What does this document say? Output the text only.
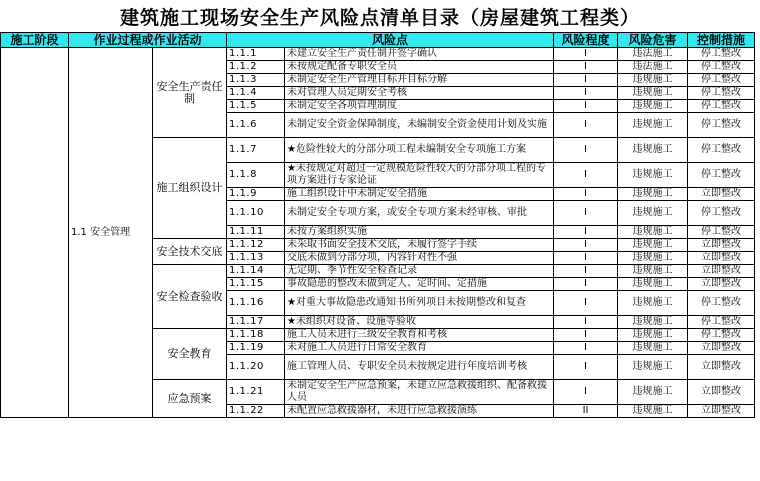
建筑施工现场安全生产风险点清单目录（房屋建筑工程类）
施工阶段	作业过程或作业活动		风险点		风险程度	风险危害	控制措施
	1.1 安全管理	安全生产责任制	1.1.1	未建立安全生产责任制并签字确认	I	违法施工	停工整改
			1.1.2	未按规定配备专职安全员	I	违法施工	停工整改
			1.1.3	未制定安全生产管理目标并目标分解	I	违规施工	停工整改
			1.1.4	未对管理人员定期安全考核	I	违规施工	停工整改
			1.1.5	未制定安全各项管理制度	I	违规施工	停工整改
			1.1.6	未制定安全资金保障制度，未编制安全资金使用计划及实施	I	违规施工	停工整改
		施工组织设计	1.1.7	★危险性较大的分部分项工程未编制安全专项施工方案	I	违规施工	停工整改
			1.1.8	★未按规定对超过一定规模危险性较大的分部分项工程的专项方案进行专家论证	I	违规施工	停工整改
			1.1.9	施工组织设计中未制定安全措施	I	违规施工	立即整改
			1.1.10	未制定安全专项方案，或安全专项方案未经审核、审批	I	违规施工	停工整改
			1.1.11	未按方案组织实施	I	违规施工	停工整改
		安全技术交底	1.1.12	未采取书面安全技术交底，未履行签字手续	I	违规施工	立即整改
			1.1.13	交底未做到分部分项，内容针对性不强	I	违规施工	立即整改
		安全检查验收	1.1.14	无定期、季节性安全检查记录	I	违规施工	立即整改
			1.1.15	事故隐患的整改未做到定人、定时间、定措施	I	违规施工	立即整改
			1.1.16	★对重大事故隐患改通知书所列项目未按期整改和复查	I	违规施工	停工整改
			1.1.17	★未组织对设备、设施等验收	I	违规施工	停工整改
		安全教育	1.1.18	施工人员未进行三级安全教育和考核	I	违规施工	停工整改
			1.1.19	未对施工人员进行日常安全教育	I	违规施工	立即整改
			1.1.20	施工管理人员、专职安全员未按规定进行年度培训考核	I	违规施工	立即整改
		应急预案	1.1.21	未制定安全生产应急预案，未建立应急救援组织、配备救援人员	I	违规施工	立即整改
			1.1.22	未配置应急救援器材，未进行应急救援演练	II	违规施工	立即整改
